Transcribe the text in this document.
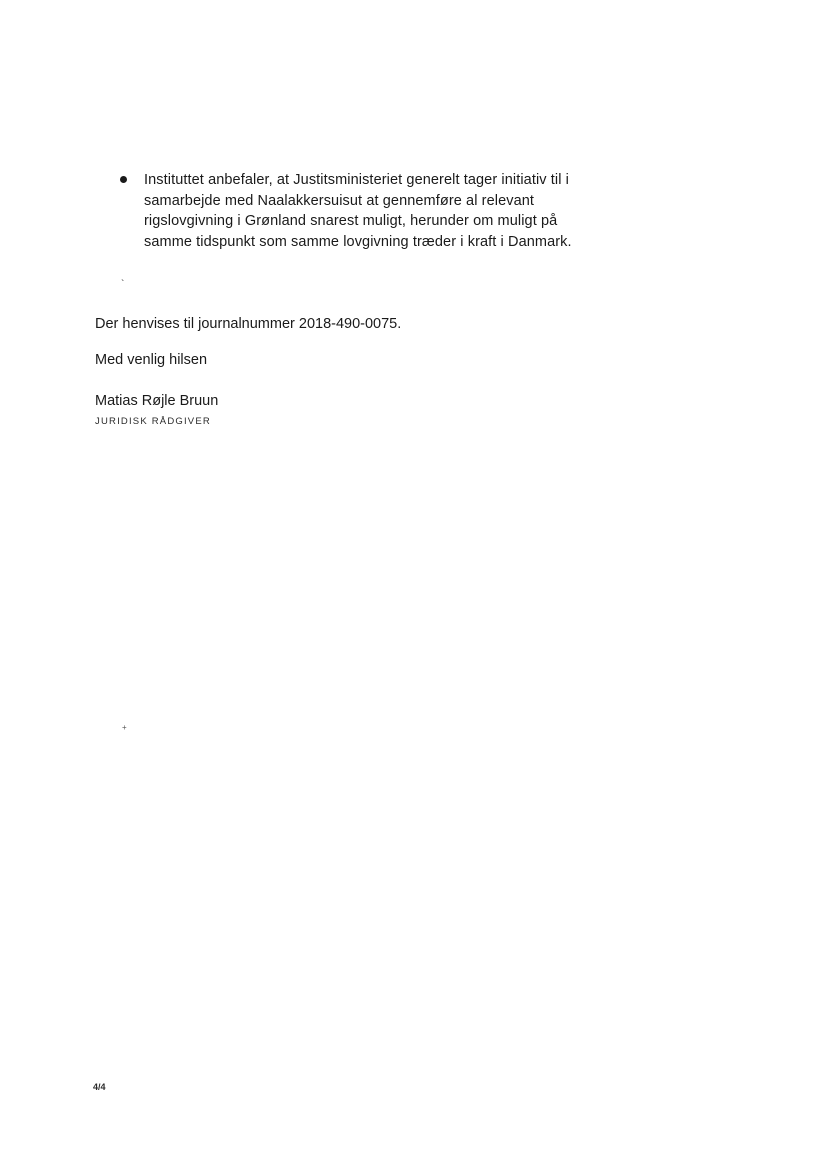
Instituttet anbefaler, at Justitsministeriet generelt tager initiativ til i samarbejde med Naalakkersuisut at gennemføre al relevant rigslovgivning i Grønland snarest muligt, herunder om muligt på samme tidspunkt som samme lovgivning træder i kraft i Danmark.
`
Der henvises til journalnummer 2018-490-0075.
Med venlig hilsen
Matias Røjle Bruun
JURIDISK RÅDGIVER
+
4/4
